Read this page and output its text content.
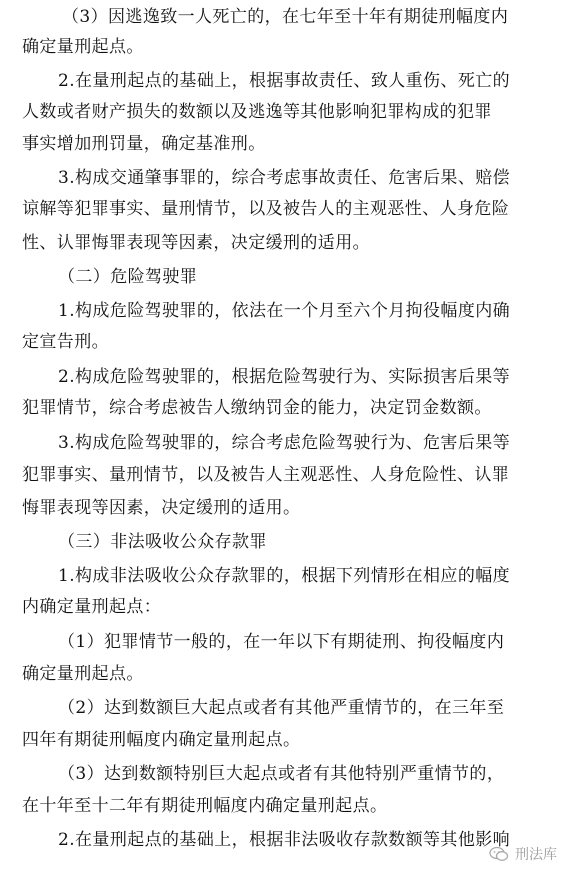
（3）因逃逸致一人死亡的，在七年至十年有期徒刑幅度内
确定量刑起点。
2.在量刑起点的基础上，根据事故责任、致人重伤、死亡的
人数或者财产损失的数额以及逃逸等其他影响犯罪构成的犯罪
事实增加刑罚量，确定基准刑。
3.构成交通肇事罪的，综合考虑事故责任、危害后果、赔偿
谅解等犯罪事实、量刑情节，以及被告人的主观恶性、人身危险
性、认罪悔罪表现等因素，决定缓刑的适用。
（二）危险驾驶罪
1.构成危险驾驶罪的，依法在一个月至六个月拘役幅度内确
定宣告刑。
2.构成危险驾驶罪的，根据危险驾驶行为、实际损害后果等
犯罪情节，综合考虑被告人缴纳罚金的能力，决定罚金数额。
3.构成危险驾驶罪的，综合考虑危险驾驶行为、危害后果等
犯罪事实、量刑情节，以及被告人主观恶性、人身危险性、认罪
悔罪表现等因素，决定缓刑的适用。
（三）非法吸收公众存款罪
1.构成非法吸收公众存款罪的，根据下列情形在相应的幅度
内确定量刑起点：
（1）犯罪情节一般的，在一年以下有期徒刑、拘役幅度内
确定量刑起点。
（2）达到数额巨大起点或者有其他严重情节的，在三年至
四年有期徒刑幅度内确定量刑起点。
（3）达到数额特别巨大起点或者有其他特别严重情节的，
在十年至十二年有期徒刑幅度内确定量刑起点。
2.在量刑起点的基础上，根据非法吸收存款数额等其他影响
刑法库
